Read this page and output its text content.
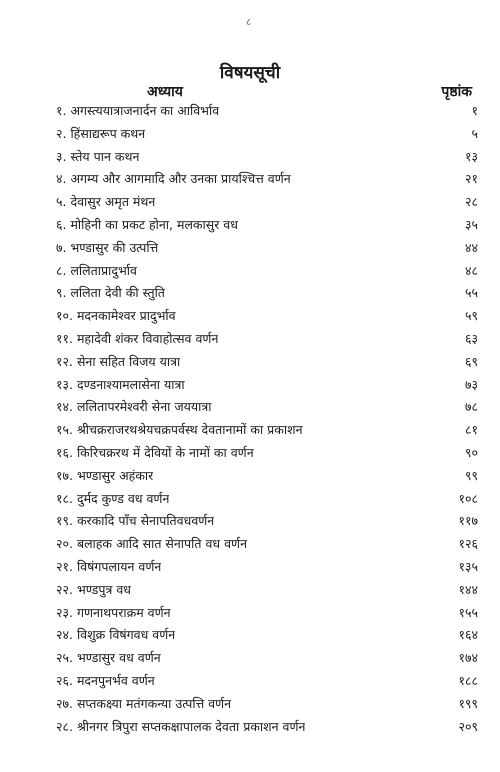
८
विषयसूची
अध्याय	पृष्ठांक
१. अगस्त्ययात्राजनार्दन का आविर्भाव	१
२. हिंसाद्यरूप कथन	५
३. स्तेय पान कथन	१३
४. अगम्य और आगमादि और उनका प्रायश्चित्त वर्णन	२१
५. देवासुर अमृत मंथन	२८
६. मोहिनी का प्रकट होना, मलकासुर वध	३५
७. भण्डासुर की उत्पत्ति	४४
८. ललिताप्रादुर्भाव	४८
९. ललिता देवी की स्तुति	५५
१०. मदनकामेश्वर प्रादुर्भाव	५९
११. महादेवी शंकर विवाहोत्सव वर्णन	६३
१२. सेना सहित विजय यात्रा	६९
१३. दण्डनाश्यामलासेना यात्रा	७३
१४. ललितापरमेश्वरी सेना जययात्रा	७८
१५. श्रीचक्रराजरथश्रेयचक्रपर्वस्थ देवतानामों का प्रकाशन	८१
१६. किरिचक्ररथ में देवियों के नामों का वर्णन	९०
१७. भण्डासुर अहंकार	९९
१८. दुर्मद कुण्ड वध वर्णन	१०८
१९. करकादि पाँच सेनापतिवधवर्णन	११७
२०. बलाहक आदि सात सेनापति वध वर्णन	१२६
२१. विषंगपलायन वर्णन	१३५
२२. भण्डपुत्र वध	१४४
२३. गणनाथपराक्रम वर्णन	१५५
२४. विशुक्र विषंगवध वर्णन	१६४
२५. भण्डासुर वध वर्णन	१७४
२६. मदनपुनर्भव वर्णन	१८८
२७. सप्तकक्ष्या मतंगकन्या उत्पत्ति वर्णन	१९९
२८. श्रीनगर त्रिपुरा सप्तकक्षापालक देवता प्रकाशन वर्णन	२०९
